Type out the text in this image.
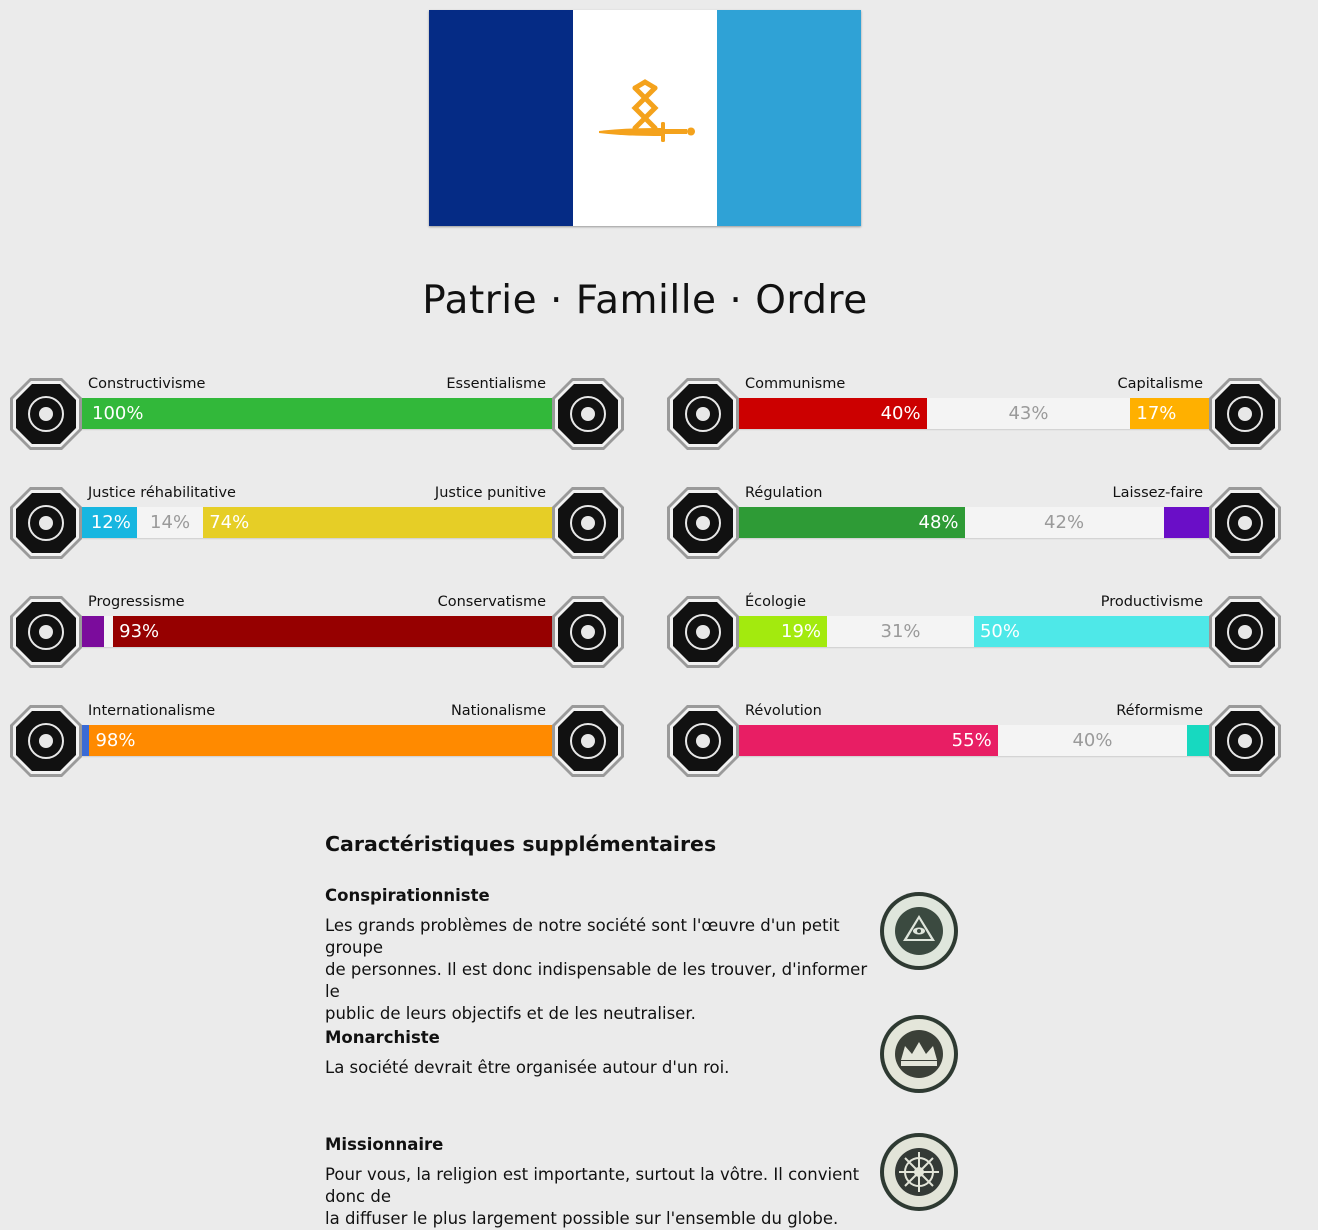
Patrie · Famille · Ordre
Constructivisme	Essentialisme
100%
Communisme	Capitalisme
40%	43%	17%
Justice réhabilitative	Justice punitive
12%	14%	74%
Régulation	Laissez-faire
48%	42%
Progressisme	Conservatisme
93%
Écologie	Productivisme
19%	31%	50%
Internationalisme	Nationalisme
98%
Révolution	Réformisme
55%	40%
Caractéristiques supplémentaires
Conspirationniste
Les grands problèmes de notre société sont l'œuvre d'un petit groupe
de personnes. Il est donc indispensable de les trouver, d'informer le
public de leurs objectifs et de les neutraliser.
Monarchiste
La société devrait être organisée autour d'un roi.
Missionnaire
Pour vous, la religion est importante, surtout la vôtre. Il convient donc de
la diffuser le plus largement possible sur l'ensemble du globe.
